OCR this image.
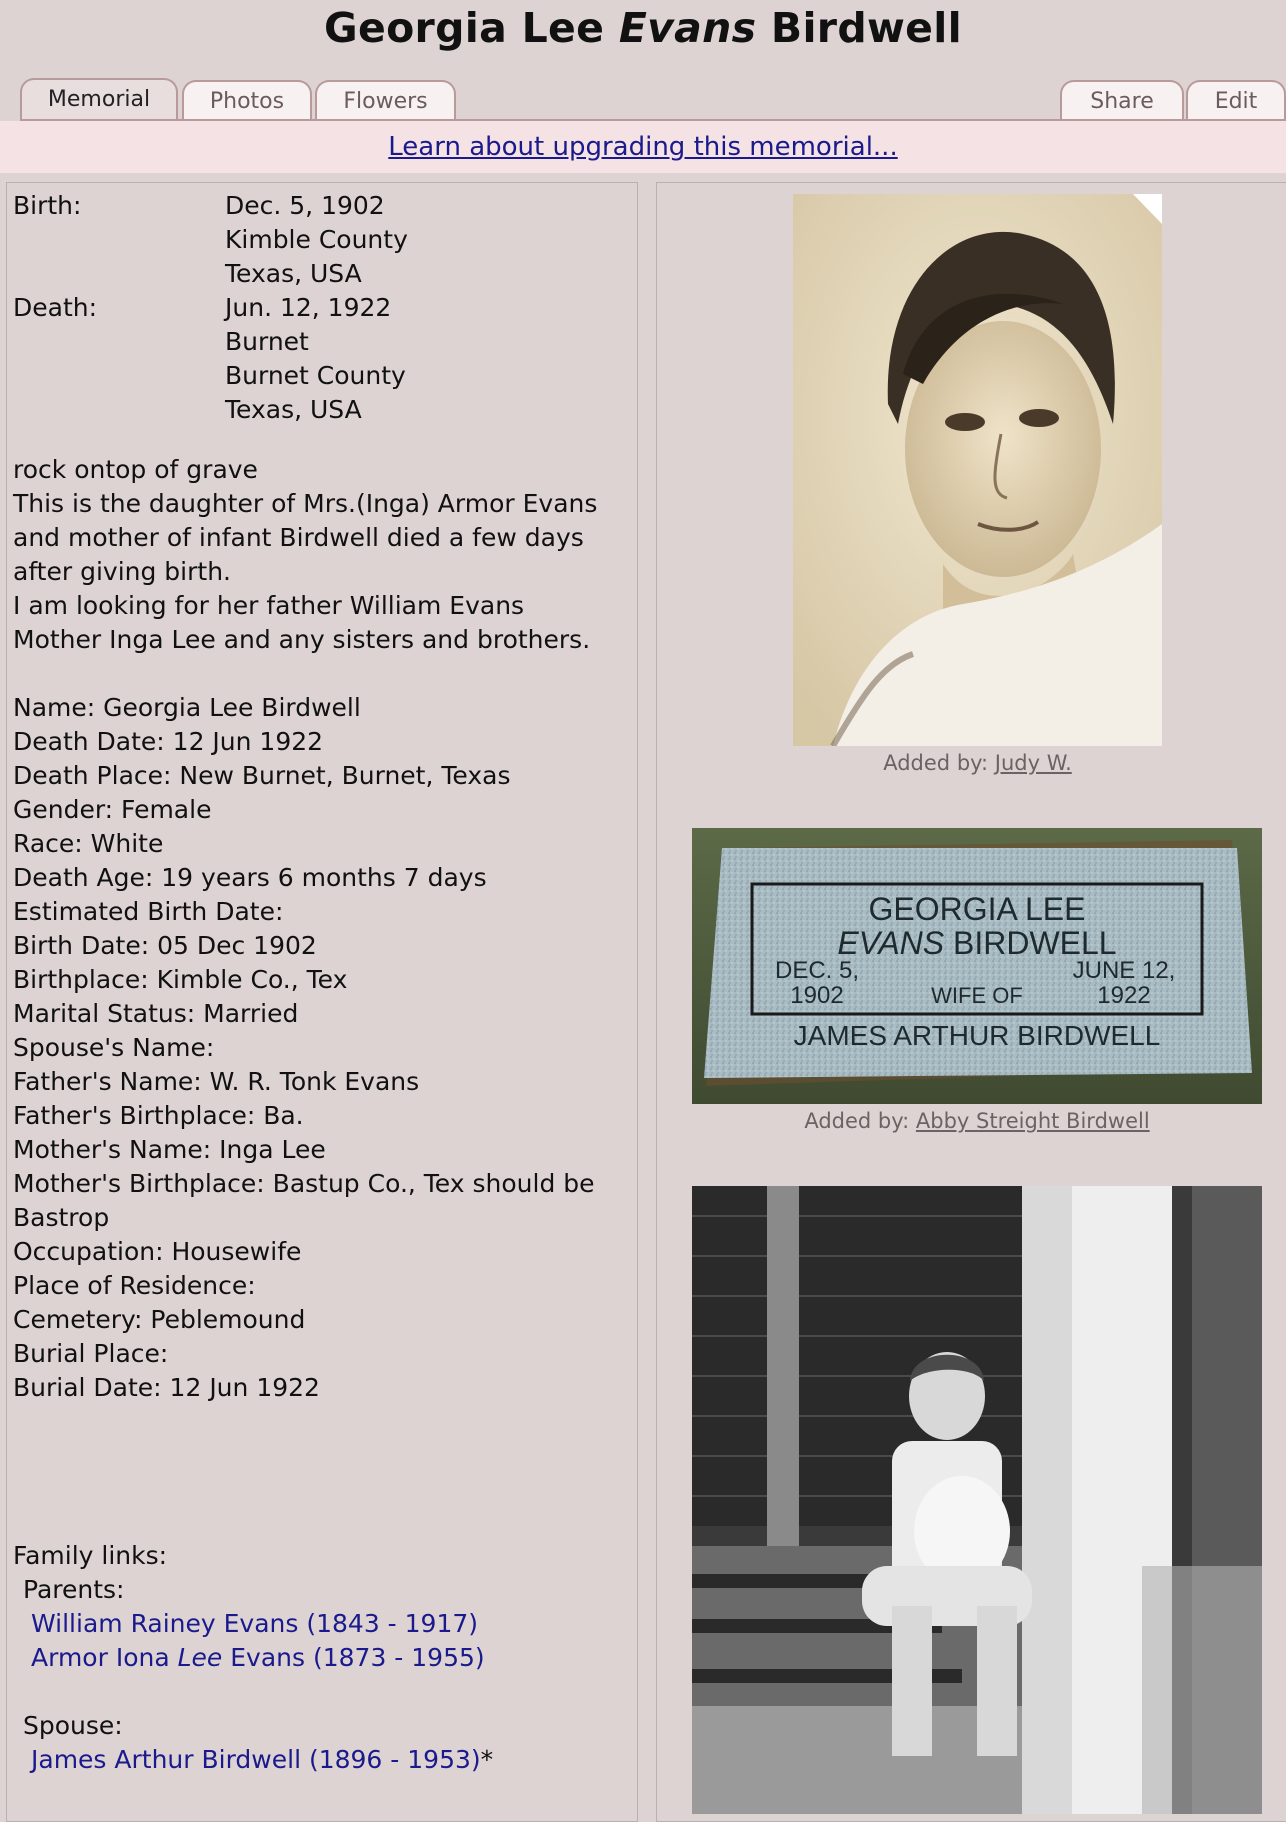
Georgia Lee Evans Birdwell
Memorial	Photos	Flowers	Share	Edit
Learn about upgrading this memorial...
Birth:	Dec. 5, 1902
Kimble County
Texas, USA
Death:	Jun. 12, 1922
Burnet
Burnet County
Texas, USA
rock ontop of grave
This is the daughter of Mrs.(Inga) Armor Evans
and mother of infant Birdwell died a few days
after giving birth.
I am looking for her father William Evans
Mother Inga Lee and any sisters and brothers.
Name: Georgia Lee Birdwell
Death Date: 12 Jun 1922
Death Place: New Burnet, Burnet, Texas
Gender: Female
Race: White
Death Age: 19 years 6 months 7 days
Estimated Birth Date:
Birth Date: 05 Dec 1902
Birthplace: Kimble Co., Tex
Marital Status: Married
Spouse's Name:
Father's Name: W. R. Tonk Evans
Father's Birthplace: Ba.
Mother's Name: Inga Lee
Mother's Birthplace: Bastup Co., Tex should be
Bastrop
Occupation: Housewife
Place of Residence:
Cemetery: Peblemound
Burial Place:
Burial Date: 12 Jun 1922
Family links:
Parents:
William Rainey Evans (1843 - 1917)
Armor Iona Lee Evans (1873 - 1955)
Spouse:
James Arthur Birdwell (1896 - 1953)*
Added by: Judy W.
GEORGIA LEE
EVANS BIRDWELL
DEC. 5,
1902	WIFE OF
JUNE 12,
1922
JAMES ARTHUR BIRDWELL
Added by: Abby Streight Birdwell
